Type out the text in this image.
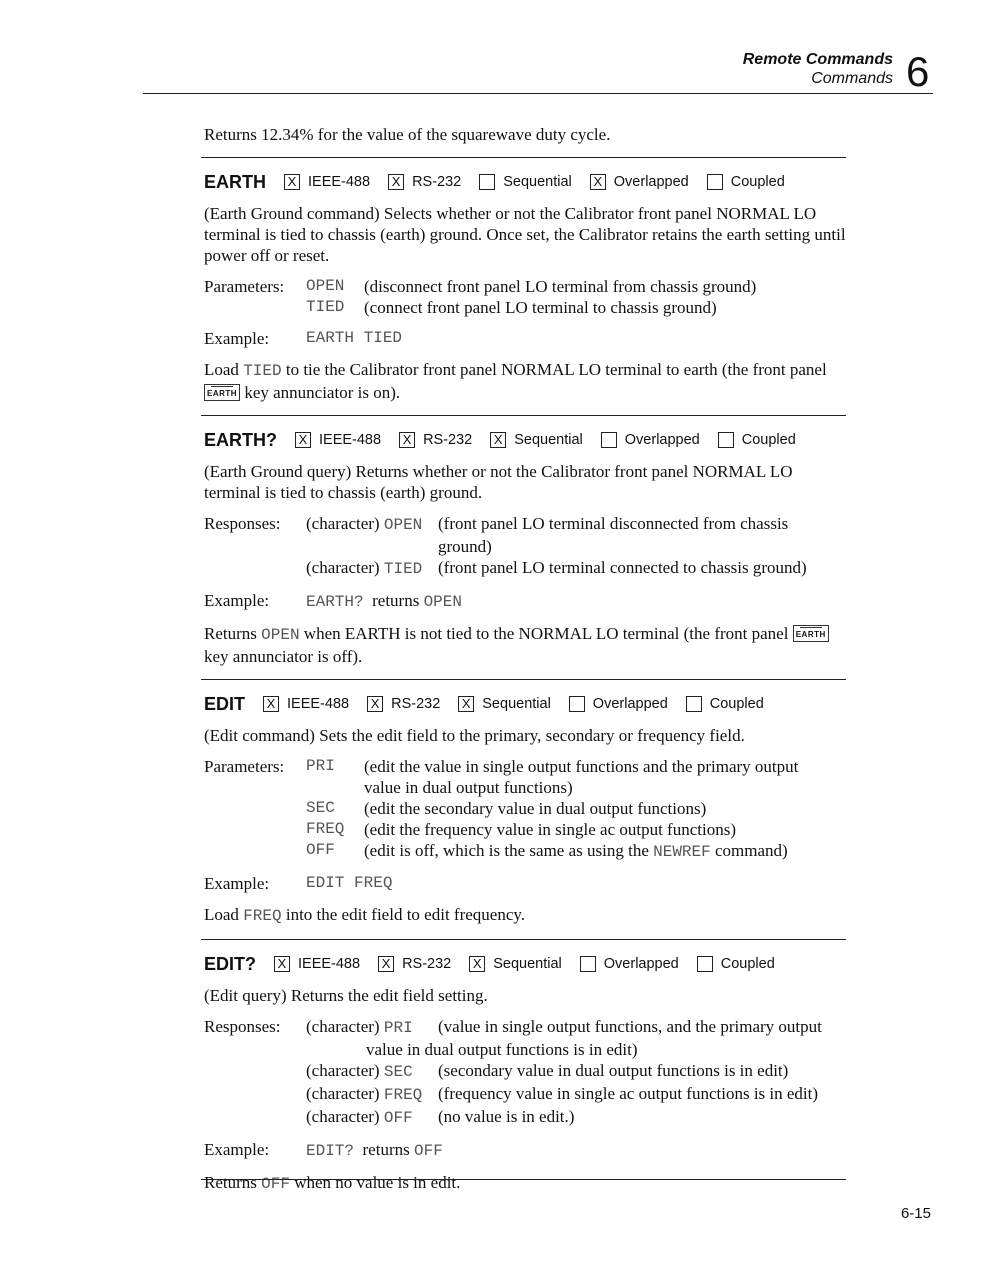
Remote Commands
Commands 6

Returns 12.34% for the value of the squarewave duty cycle.

EARTH X IEEE-488 X RS-232	Sequential X Overlapped	Coupled

(Earth Ground command) Selects whether or not the Calibrator front panel NORMAL LO terminal is tied to chassis (earth) ground. Once set, the Calibrator retains the earth setting until power off or reset.

Parameters:	OPEN	(disconnect front panel LO terminal from chassis ground)
TIED	(connect front panel LO terminal to chassis ground)
Example:	EARTH TIED

Load TIED to tie the Calibrator front panel NORMAL LO terminal to earth (the front panel EARTH key annunciator is on).

EARTH? X IEEE-488 X RS-232 X Sequential	Overlapped	Coupled

(Earth Ground query) Returns whether or not the Calibrator front panel NORMAL LO terminal is tied to chassis (earth) ground.

Responses:	(character) OPEN (front panel LO terminal disconnected from chassis
ground)
(character) TIED (front panel LO terminal connected to chassis ground)
Example:	EARTH? returns OPEN

Returns OPEN when EARTH is not tied to the NORMAL LO terminal (the front panel EARTH key annunciator is off).

EDIT X IEEE-488 X RS-232 X Sequential	Overlapped	Coupled

(Edit command) Sets the edit field to the primary, secondary or frequency field.

Parameters:	PRI	(edit the value in single output functions and the primary output
value in dual output functions)
SEC	(edit the secondary value in dual output functions)
FREQ	(edit the frequency value in single ac output functions)
OFF	(edit is off, which is the same as using the NEWREF command)
Example:	EDIT FREQ

Load FREQ into the edit field to edit frequency.

EDIT? X IEEE-488 X RS-232 X Sequential	Overlapped	Coupled

(Edit query) Returns the edit field setting.

Responses:	(character) PRI	(value in single output functions, and the primary output
value in dual output functions is in edit)
(character) SEC	(secondary value in dual output functions is in edit)
(character) FREQ (frequency value in single ac output functions is in edit)
(character) OFF	(no value is in edit.)
Example:	EDIT? returns OFF

Returns OFF when no value is in edit.

6-15
